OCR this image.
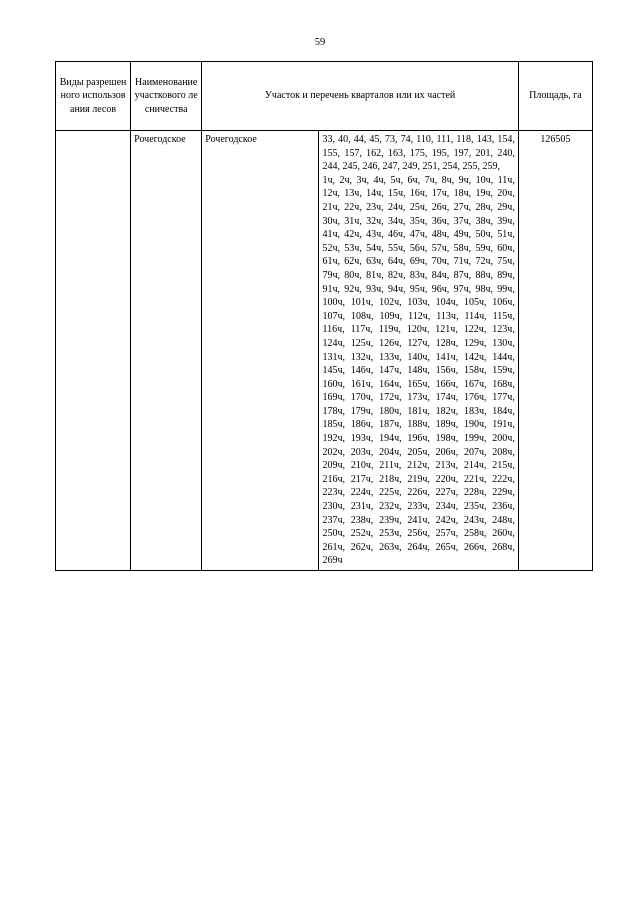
59
Виды разрешенного использования лесов	Наименование участкового лесничества	Участок и перечень кварталов или их частей		Площадь, га
	Рочегодское	Рочегодское	33, 40, 44, 45, 73, 74, 110, 111, 118, 143, 154, 155, 157, 162, 163, 175, 195, 197, 201, 240, 244, 245, 246, 247, 249, 251, 254, 255, 259,
1ч, 2ч, 3ч, 4ч, 5ч, 6ч, 7ч, 8ч, 9ч, 10ч, 11ч, 12ч, 13ч, 14ч, 15ч, 16ч, 17ч, 18ч, 19ч, 20ч, 21ч, 22ч, 23ч, 24ч, 25ч, 26ч, 27ч, 28ч, 29ч, 30ч, 31ч, 32ч, 34ч, 35ч, 36ч, 37ч, 38ч, 39ч, 41ч, 42ч, 43ч, 46ч, 47ч, 48ч, 49ч, 50ч, 51ч, 52ч, 53ч, 54ч, 55ч, 56ч, 57ч, 58ч, 59ч, 60ч, 61ч, 62ч, 63ч, 64ч, 69ч, 70ч, 71ч, 72ч, 75ч, 79ч, 80ч, 81ч, 82ч, 83ч, 84ч, 87ч, 88ч, 89ч, 91ч, 92ч, 93ч, 94ч, 95ч, 96ч, 97ч, 98ч, 99ч, 100ч, 101ч, 102ч, 103ч, 104ч, 105ч, 106ч, 107ч, 108ч, 109ч, 112ч, 113ч, 114ч, 115ч, 116ч, 117ч, 119ч, 120ч, 121ч, 122ч, 123ч, 124ч, 125ч, 126ч, 127ч, 128ч, 129ч, 130ч, 131ч, 132ч, 133ч, 140ч, 141ч, 142ч, 144ч, 145ч, 146ч, 147ч, 148ч, 156ч, 158ч, 159ч, 160ч, 161ч, 164ч, 165ч, 166ч, 167ч, 168ч, 169ч, 170ч, 172ч, 173ч, 174ч, 176ч, 177ч, 178ч, 179ч, 180ч, 181ч, 182ч, 183ч, 184ч, 185ч, 186ч, 187ч, 188ч, 189ч, 190ч, 191ч, 192ч, 193ч, 194ч, 196ч, 198ч, 199ч, 200ч, 202ч, 203ч, 204ч, 205ч, 206ч, 207ч, 208ч, 209ч, 210ч, 211ч, 212ч, 213ч, 214ч, 215ч, 216ч, 217ч, 218ч, 219ч, 220ч, 221ч, 222ч, 223ч, 224ч, 225ч, 226ч, 227ч, 228ч, 229ч, 230ч, 231ч, 232ч, 233ч, 234ч, 235ч, 236ч, 237ч, 238ч, 239ч, 241ч, 242ч, 243ч, 248ч, 250ч, 252ч, 253ч, 256ч, 257ч, 258ч, 260ч, 261ч, 262ч, 263ч, 264ч, 265ч, 266ч, 268ч, 269ч	126505
